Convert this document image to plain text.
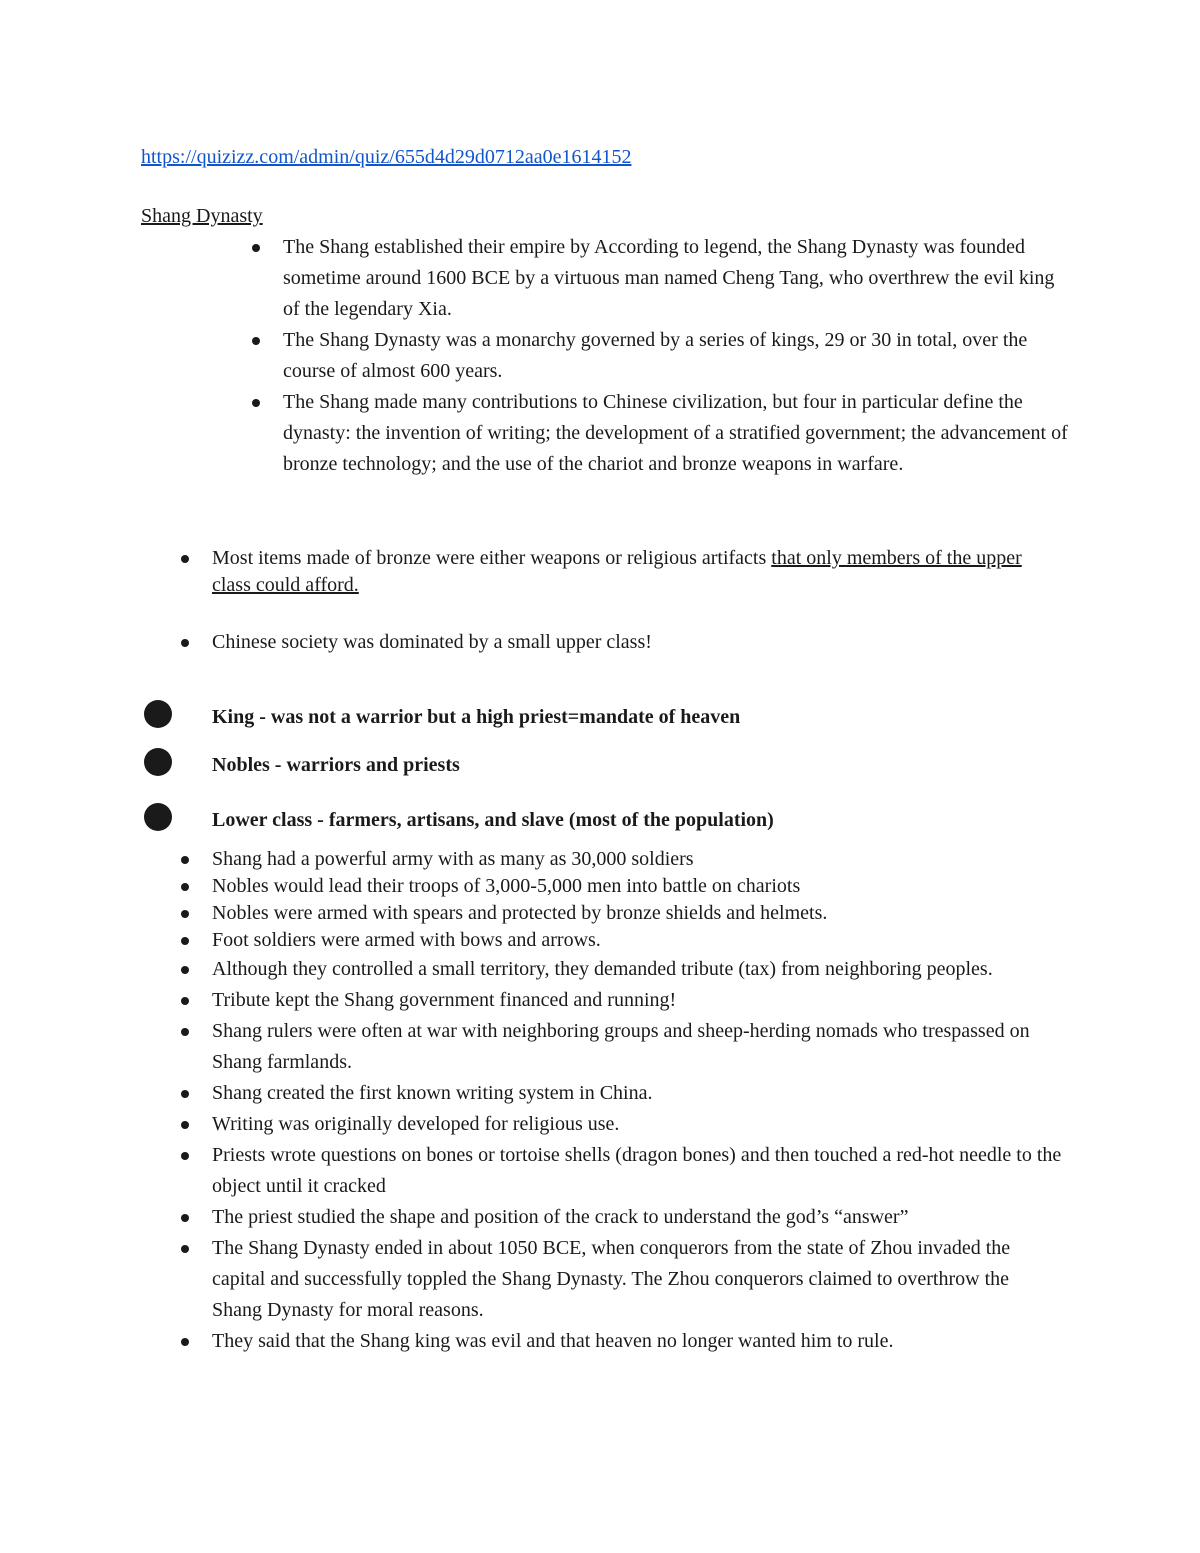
https://quizizz.com/admin/quiz/655d4d29d0712aa0e1614152
Shang Dynasty
The Shang established their empire by According to legend, the Shang Dynasty was founded sometime around 1600 BCE by a virtuous man named Cheng Tang, who overthrew the evil king of the legendary Xia.
The Shang Dynasty was a monarchy governed by a series of kings, 29 or 30 in total, over the course of almost 600 years.
The Shang made many contributions to Chinese civilization, but four in particular define the dynasty: the invention of writing; the development of a stratified government; the advancement of bronze technology; and the use of the chariot and bronze weapons in warfare.
Most items made of bronze were either weapons or religious artifacts that only members of the upper class could afford.
Chinese society was dominated by a small upper class!
King - was not a warrior but a high priest=mandate of heaven
Nobles - warriors and priests
Lower class - farmers, artisans, and slave (most of the population)
Shang had a powerful army with as many as 30,000 soldiers
Nobles would lead their troops of 3,000-5,000 men into battle on chariots
Nobles were armed with spears and protected by bronze shields and helmets.
Foot soldiers were armed with bows and arrows.
Although they controlled a small territory, they demanded tribute (tax) from neighboring peoples.
Tribute kept the Shang government financed and running!
Shang rulers were often at war with neighboring groups and sheep-herding nomads who trespassed on Shang farmlands.
Shang created the first known writing system in China.
Writing was originally developed for religious use.
Priests wrote questions on bones or tortoise shells (dragon bones) and then touched a red-hot needle to the object until it cracked
The priest studied the shape and position of the crack to understand the god’s “answer”
The Shang Dynasty ended in about 1050 BCE, when conquerors from the state of Zhou invaded the capital and successfully toppled the Shang Dynasty. The Zhou conquerors claimed to overthrow the Shang Dynasty for moral reasons.
They said that the Shang king was evil and that heaven no longer wanted him to rule.
